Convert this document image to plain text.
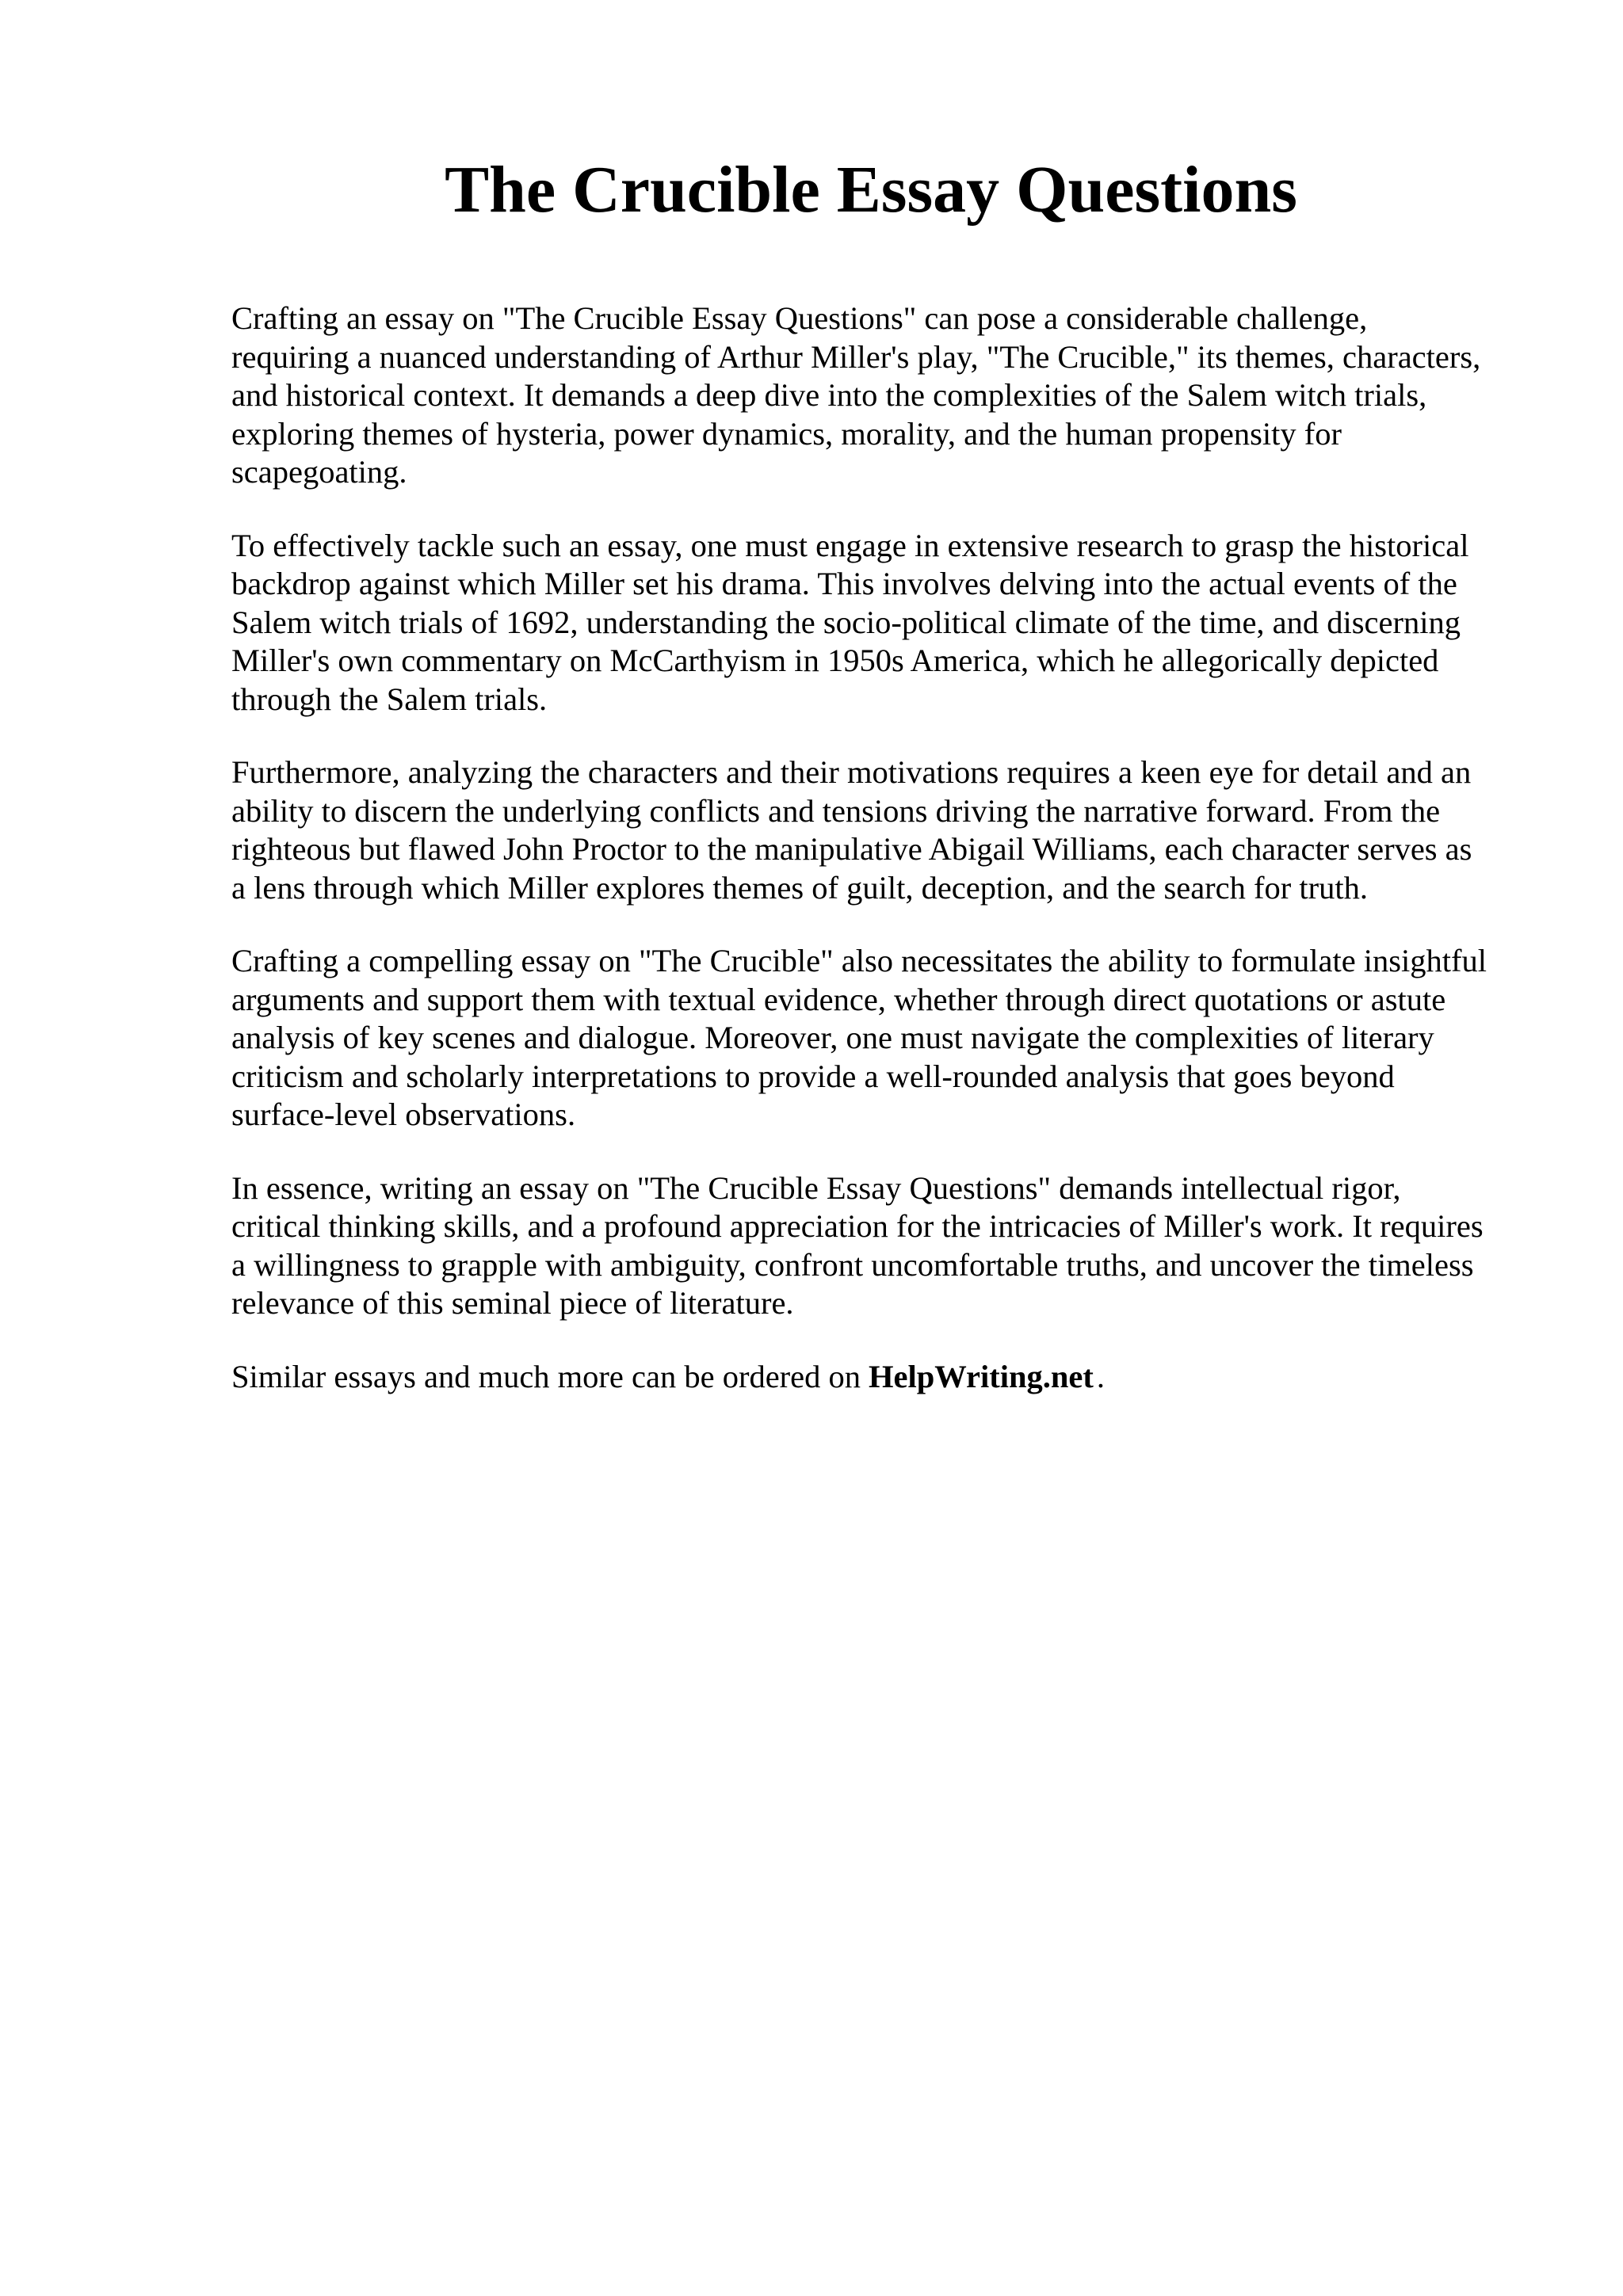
The Crucible Essay Questions

Crafting an essay on "The Crucible Essay Questions" can pose a considerable challenge,
requiring a nuanced understanding of Arthur Miller's play, "The Crucible," its themes, characters,
and historical context. It demands a deep dive into the complexities of the Salem witch trials,
exploring themes of hysteria, power dynamics, morality, and the human propensity for
scapegoating.

To effectively tackle such an essay, one must engage in extensive research to grasp the historical
backdrop against which Miller set his drama. This involves delving into the actual events of the
Salem witch trials of 1692, understanding the socio-political climate of the time, and discerning
Miller's own commentary on McCarthyism in 1950s America, which he allegorically depicted
through the Salem trials.

Furthermore, analyzing the characters and their motivations requires a keen eye for detail and an
ability to discern the underlying conflicts and tensions driving the narrative forward. From the
righteous but flawed John Proctor to the manipulative Abigail Williams, each character serves as
a lens through which Miller explores themes of guilt, deception, and the search for truth.

Crafting a compelling essay on "The Crucible" also necessitates the ability to formulate insightful
arguments and support them with textual evidence, whether through direct quotations or astute
analysis of key scenes and dialogue. Moreover, one must navigate the complexities of literary
criticism and scholarly interpretations to provide a well-rounded analysis that goes beyond
surface-level observations.

In essence, writing an essay on "The Crucible Essay Questions" demands intellectual rigor,
critical thinking skills, and a profound appreciation for the intricacies of Miller's work. It requires
a willingness to grapple with ambiguity, confront uncomfortable truths, and uncover the timeless
relevance of this seminal piece of literature.

Similar essays and much more can be ordered on HelpWriting.net.
